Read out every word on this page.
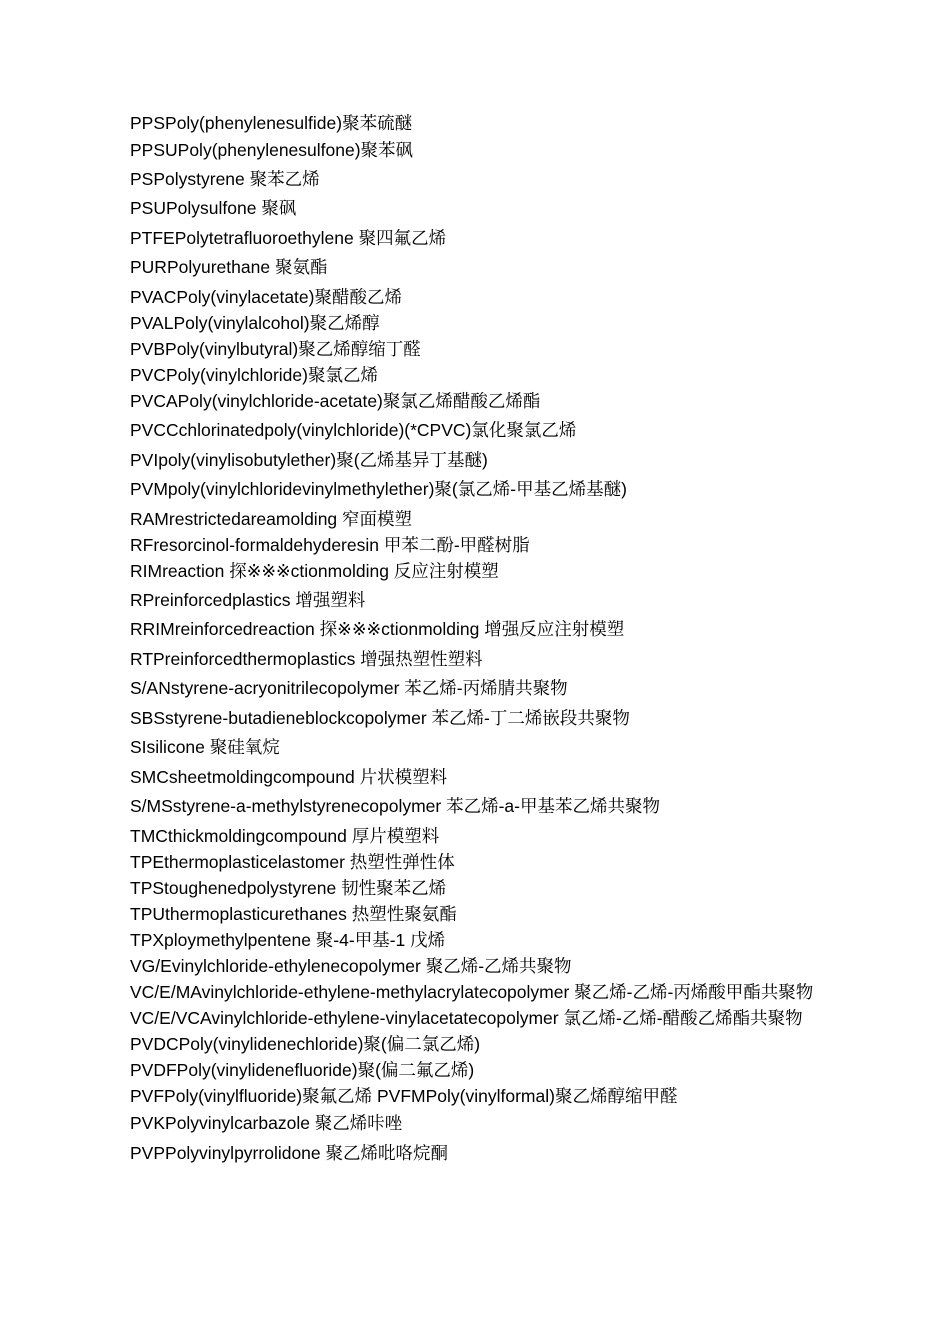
PPSPoly(phenylenesulfide)聚苯硫醚
PPSUPoly(phenylenesulfone)聚苯砜
PSPolystyrene 聚苯乙烯
PSUPolysulfone 聚砜
PTFEPolytetrafluoroethylene 聚四氟乙烯
PURPolyurethane 聚氨酯
PVACPoly(vinylacetate)聚醋酸乙烯
PVALPoly(vinylalcohol)聚乙烯醇
PVBPoly(vinylbutyral)聚乙烯醇缩丁醛
PVCPoly(vinylchloride)聚氯乙烯
PVCAPoly(vinylchloride-acetate)聚氯乙烯醋酸乙烯酯
PVCCchlorinatedpoly(vinylchloride)(*CPVC)氯化聚氯乙烯
PVIpoly(vinylisobutylether)聚(乙烯基异丁基醚)
PVMpoly(vinylchloridevinylmethylether)聚(氯乙烯-甲基乙烯基醚)
RAMrestrictedareamolding 窄面模塑
RFresorcinol-formaldehyderesin 甲苯二酚-甲醛树脂
RIMreaction 探※※※ctionmolding 反应注射模塑
RPreinforcedplastics 增强塑料
RRIMreinforcedreaction 探※※※ctionmolding 增强反应注射模塑
RTPreinforcedthermoplastics 增强热塑性塑料
S/ANstyrene-acryonitrilecopolymer 苯乙烯-丙烯腈共聚物
SBSstyrene-butadieneblockcopolymer 苯乙烯-丁二烯嵌段共聚物
SIsilicone 聚硅氧烷
SMCsheetmoldingcompound 片状模塑料
S/MSstyrene-a-methylstyrenecopolymer 苯乙烯-a-甲基苯乙烯共聚物
TMCthickmoldingcompound 厚片模塑料
TPEthermoplasticelastomer 热塑性弹性体
TPStoughenedpolystyrene 韧性聚苯乙烯
TPUthermoplasticurethanes 热塑性聚氨酯
TPXploymethylpentene 聚-4-甲基-1 戊烯
VG/Evinylchloride-ethylenecopolymer 聚乙烯-乙烯共聚物
VC/E/MAvinylchloride-ethylene-methylacrylatecopolymer 聚乙烯-乙烯-丙烯酸甲酯共聚物
VC/E/VCAvinylchloride-ethylene-vinylacetatecopolymer 氯乙烯-乙烯-醋酸乙烯酯共聚物
PVDCPoly(vinylidenechloride)聚(偏二氯乙烯)
PVDFPoly(vinylidenefluoride)聚(偏二氟乙烯)
PVFPoly(vinylfluoride)聚氟乙烯 PVFMPoly(vinylformal)聚乙烯醇缩甲醛
PVKPolyvinylcarbazole 聚乙烯咔唑
PVPPolyvinylpyrrolidone 聚乙烯吡咯烷酮
